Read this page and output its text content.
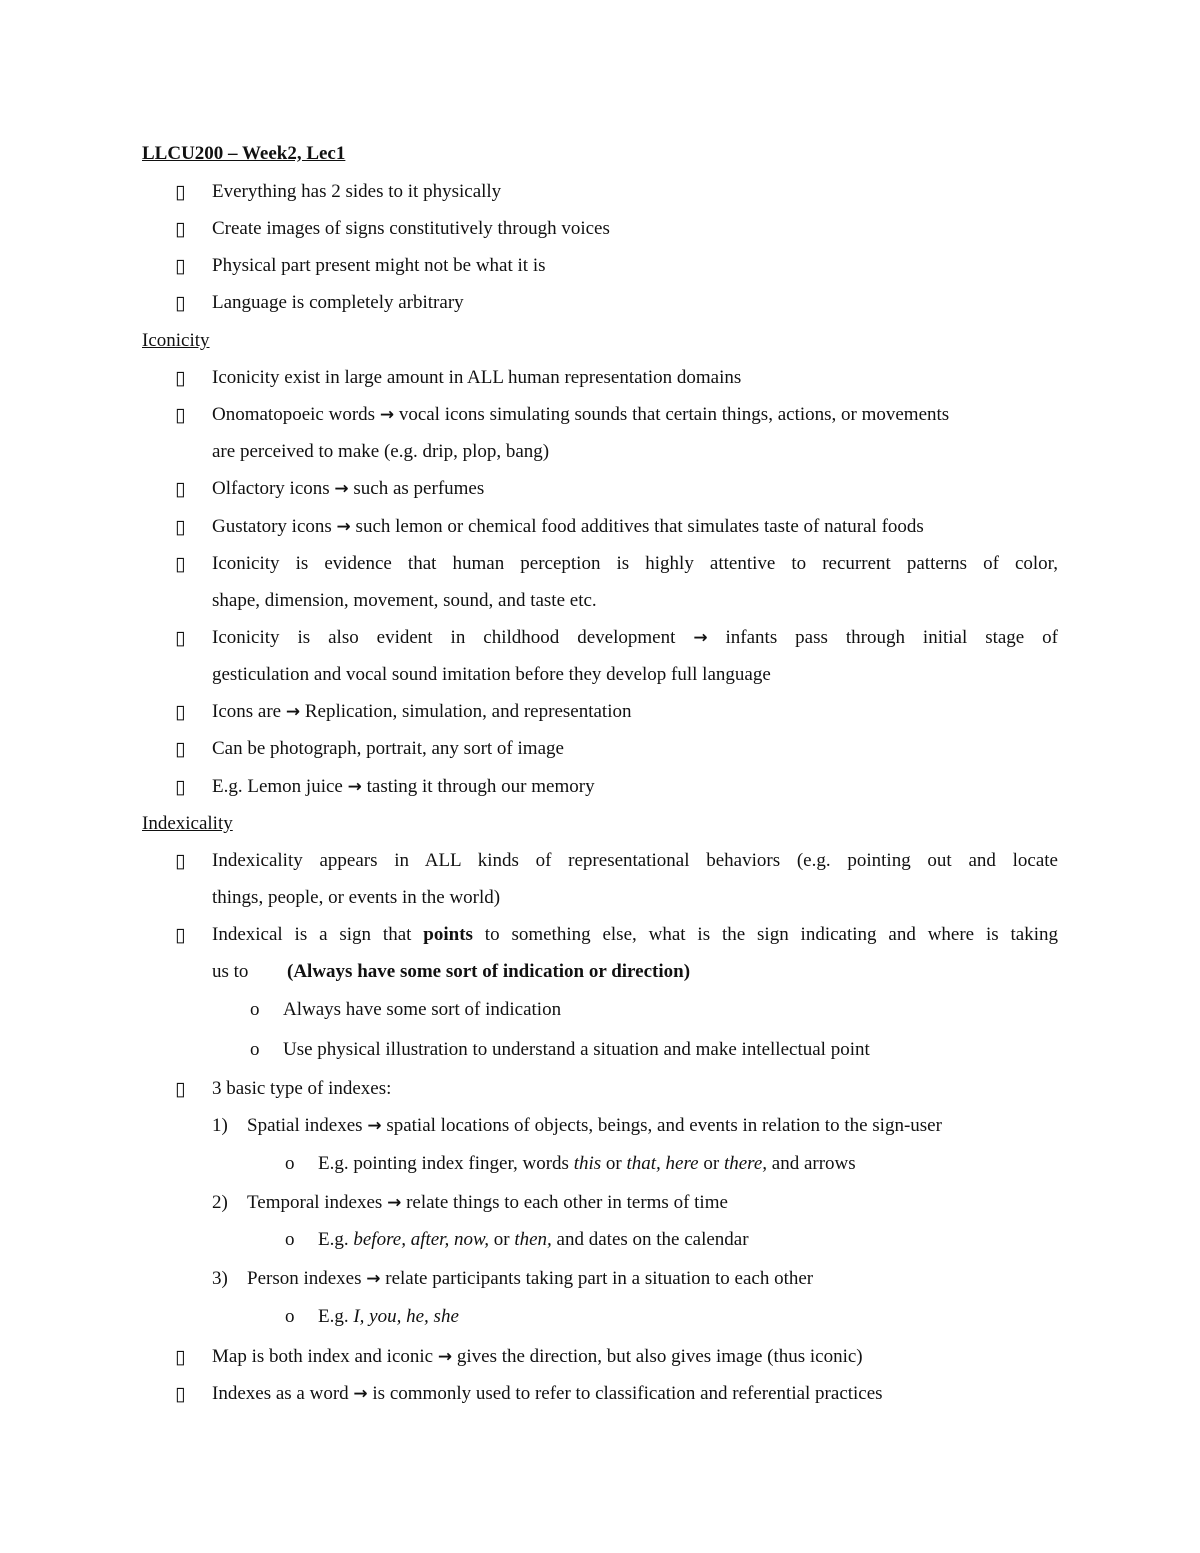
LLCU200 – Week2, Lec1
▯ Everything has 2 sides to it physically
▯ Create images of signs constitutively through voices
▯ Physical part present might not be what it is
▯ Language is completely arbitrary
Iconicity
▯ Iconicity exist in large amount in ALL human representation domains
▯ Onomatopoeic words → vocal icons simulating sounds that certain things, actions, or movements
are perceived to make (e.g. drip, plop, bang)
▯ Olfactory icons → such as perfumes
▯ Gustatory icons → such lemon or chemical food additives that simulates taste of natural foods
▯ Iconicity is evidence that human perception is highly attentive to recurrent patterns of color,
shape, dimension, movement, sound, and taste etc.
▯ Iconicity is also evident in childhood development → infants pass through initial stage of
gesticulation and vocal sound imitation before they develop full language
▯ Icons are → Replication, simulation, and representation
▯ Can be photograph, portrait, any sort of image
▯ E.g. Lemon juice → tasting it through our memory
Indexicality
▯ Indexicality appears in ALL kinds of representational behaviors (e.g. pointing out and locate
things, people, or events in the world)
▯ Indexical is a sign that points to something else, what is the sign indicating and where is taking
us to (Always have some sort of indication or direction)
o Always have some sort of indication
o Use physical illustration to understand a situation and make intellectual point
▯ 3 basic type of indexes:
1) Spatial indexes → spatial locations of objects, beings, and events in relation to the sign-user
o E.g. pointing index finger, words this or that, here or there, and arrows
2) Temporal indexes → relate things to each other in terms of time
o E.g. before, after, now, or then, and dates on the calendar
3) Person indexes → relate participants taking part in a situation to each other
o E.g. I, you, he, she
▯ Map is both index and iconic → gives the direction, but also gives image (thus iconic)
▯ Indexes as a word → is commonly used to refer to classification and referential practices
